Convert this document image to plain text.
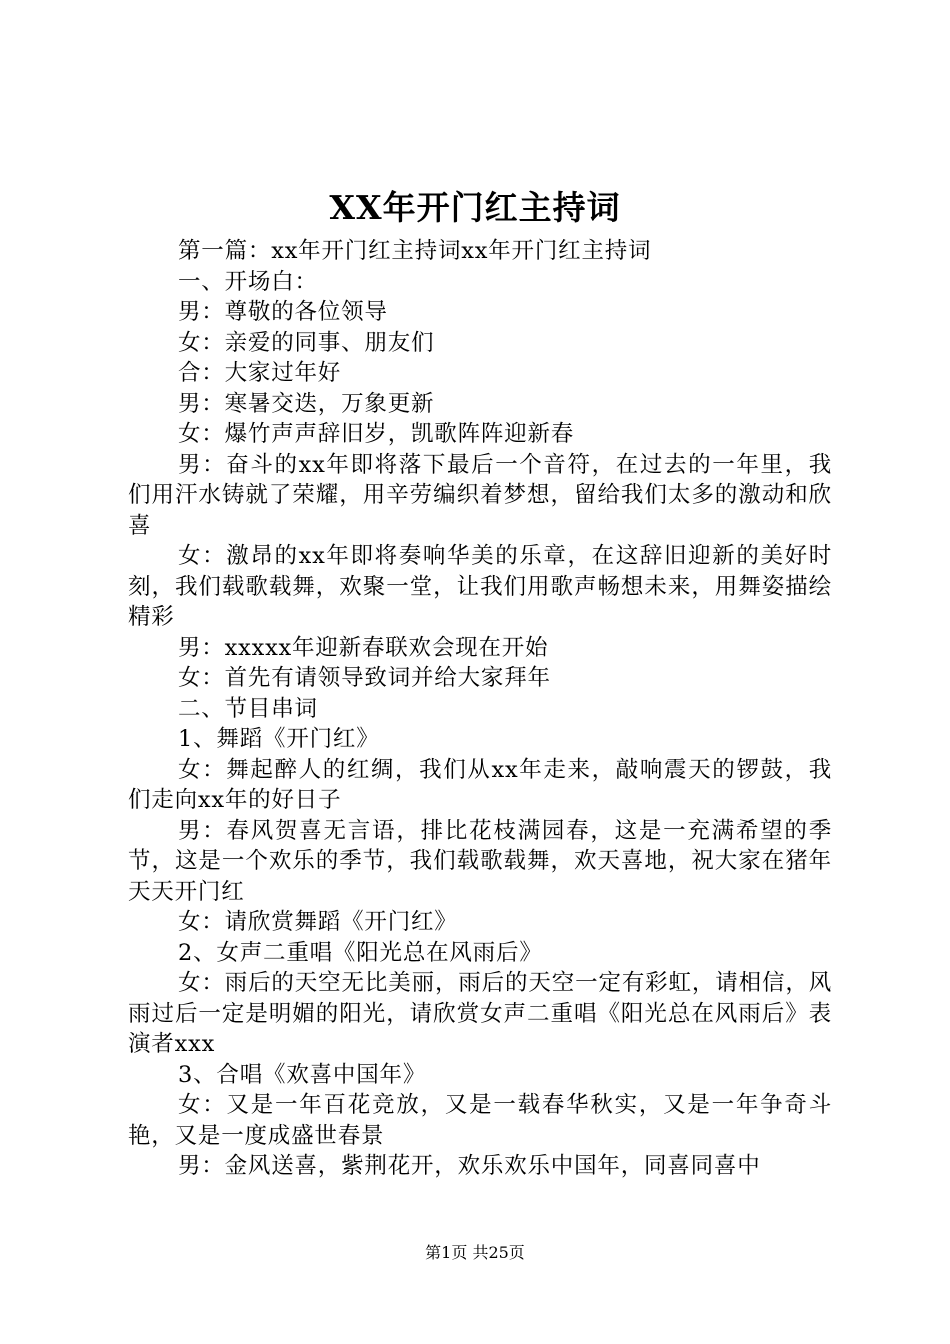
XX年开门红主持词

第一篇：xx年开门红主持词xx年开门红主持词

一、开场白：

男：尊敬的各位领导

女：亲爱的同事、朋友们

合：大家过年好

男：寒暑交迭，万象更新

女：爆竹声声辞旧岁，凯歌阵阵迎新春

男：奋斗的xx年即将落下最后一个音符，在过去的一年里，我们用汗水铸就了荣耀，用辛劳编织着梦想，留给我们太多的激动和欣喜

女：激昂的xx年即将奏响华美的乐章，在这辞旧迎新的美好时刻，我们载歌载舞，欢聚一堂，让我们用歌声畅想未来，用舞姿描绘精彩

男：xxxxx年迎新春联欢会现在开始

女：首先有请领导致词并给大家拜年

二、节目串词

1、舞蹈《开门红》

女：舞起醉人的红绸，我们从xx年走来，敲响震天的锣鼓，我们走向xx年的好日子

男：春风贺喜无言语，排比花枝满园春，这是一充满希望的季节，这是一个欢乐的季节，我们载歌载舞，欢天喜地，祝大家在猪年天天开门红

女：请欣赏舞蹈《开门红》

2、女声二重唱《阳光总在风雨后》

女：雨后的天空无比美丽，雨后的天空一定有彩虹，请相信，风雨过后一定是明媚的阳光，请欣赏女声二重唱《阳光总在风雨后》表演者xxx

3、合唱《欢喜中国年》

女：又是一年百花竞放，又是一载春华秋实，又是一年争奇斗艳，又是一度成盛世春景

男：金风送喜，紫荆花开，欢乐欢乐中国年，同喜同喜中

第1页 共25页
